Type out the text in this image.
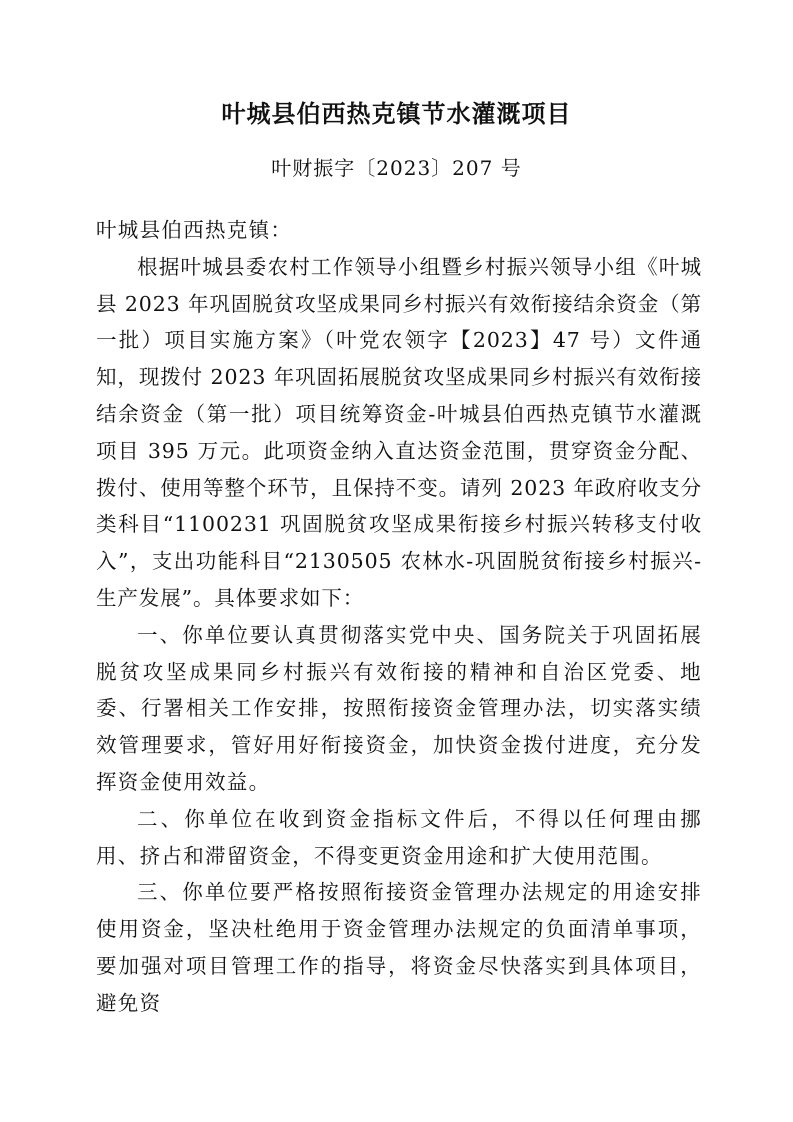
叶城县伯西热克镇节水灌溉项目
叶财振字〔2023〕207 号

叶城县伯西热克镇：

根据叶城县委农村工作领导小组暨乡村振兴领导小组《叶城县 2023 年巩固脱贫攻坚成果同乡村振兴有效衔接结余资金（第一批）项目实施方案》（叶党农领字【2023】47 号）文件通知，现拨付 2023 年巩固拓展脱贫攻坚成果同乡村振兴有效衔接结余资金（第一批）项目统筹资金-叶城县伯西热克镇节水灌溉项目 395 万元。此项资金纳入直达资金范围，贯穿资金分配、拨付、使用等整个环节，且保持不变。请列 2023 年政府收支分类科目“1100231 巩固脱贫攻坚成果衔接乡村振兴转移支付收入”，支出功能科目“2130505 农林水-巩固脱贫衔接乡村振兴-生产发展”。具体要求如下：

一、你单位要认真贯彻落实党中央、国务院关于巩固拓展脱贫攻坚成果同乡村振兴有效衔接的精神和自治区党委、地委、行署相关工作安排，按照衔接资金管理办法，切实落实绩效管理要求，管好用好衔接资金，加快资金拨付进度，充分发挥资金使用效益。

二、你单位在收到资金指标文件后，不得以任何理由挪用、挤占和滞留资金，不得变更资金用途和扩大使用范围。

三、你单位要严格按照衔接资金管理办法规定的用途安排使用资金，坚决杜绝用于资金管理办法规定的负面清单事项，要加强对项目管理工作的指导，将资金尽快落实到具体项目，避免资
